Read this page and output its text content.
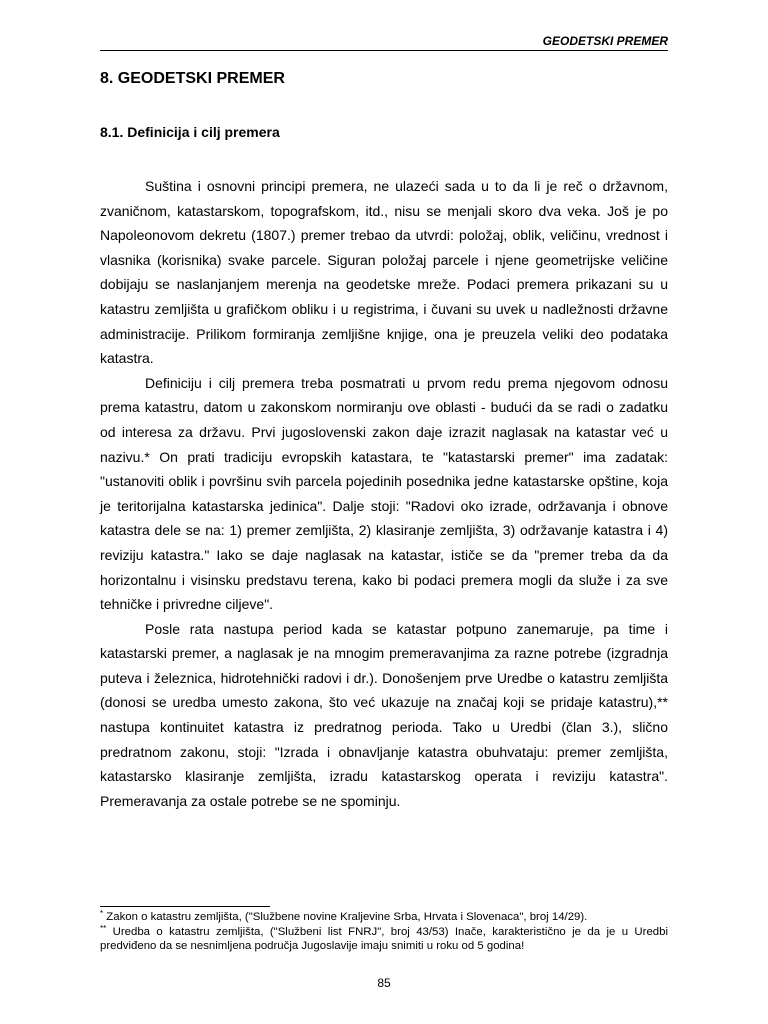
GEODETSKI PREMER
8. GEODETSKI PREMER
8.1. Definicija i cilj premera

Suština i osnovni principi premera, ne ulazeći sada u to da li je reč o državnom, zvaničnom, katastarskom, topografskom, itd., nisu se menjali skoro dva veka. Još je po Napoleonovom dekretu (1807.) premer trebao da utvrdi: položaj, oblik, veličinu, vrednost i vlasnika (korisnika) svake parcele. Siguran položaj parcele i njene geometrijske veličine dobijaju se naslanjanjem merenja na geodetske mreže. Podaci premera prikazani su u katastru zemljišta u grafičkom obliku i u registrima, i čuvani su uvek u nadležnosti državne administracije. Prilikom formiranja zemljišne knjige, ona je preuzela veliki deo podataka katastra.

Definiciju i cilj premera treba posmatrati u prvom redu prema njegovom odnosu prema katastru, datom u zakonskom normiranju ove oblasti - budući da se radi o zadatku od interesa za državu. Prvi jugoslovenski zakon daje izrazit naglasak na katastar već u nazivu.* On prati tradiciju evropskih katastara, te "katastarski premer" ima zadatak: "ustanoviti oblik i površinu svih parcela pojedinih posednika jedne katastarske opštine, koja je teritorijalna katastarska jedinica". Dalje stoji: "Radovi oko izrade, održavanja i obnove katastra dele se na: 1) premer zemljišta, 2) klasiranje zemljišta, 3) održavanje katastra i 4) reviziju katastra." Iako se daje naglasak na katastar, ističe se da "premer treba da da horizontalnu i visinsku predstavu terena, kako bi podaci premera mogli da služe i za sve tehničke i privredne ciljeve".

Posle rata nastupa period kada se katastar potpuno zanemaruje, pa time i katastarski premer, a naglasak je na mnogim premeravanjima za razne potrebe (izgradnja puteva i železnica, hidrotehnički radovi i dr.). Donošenjem prve Uredbe o katastru zemljišta (donosi se uredba umesto zakona, što već ukazuje na značaj koji se pridaje katastru),** nastupa kontinuitet katastra iz predratnog perioda. Tako u Uredbi (član 3.), slično predratnom zakonu, stoji: "Izrada i obnavljanje katastra obuhvataju: premer zemljišta, katastarsko klasiranje zemljišta, izradu katastarskog operata i reviziju katastra". Premeravanja za ostale potrebe se ne spominju.

* Zakon o katastru zemljišta, ("Službene novine Kraljevine Srba, Hrvata i Slovenaca", broj 14/29).

** Uredba o katastru zemljišta, ("Službeni list FNRJ", broj 43/53) Inače, karakteristično je da je u Uredbi predviđeno da se nesnimljena područja Jugoslavije imaju snimiti u roku od 5 godina!

85
